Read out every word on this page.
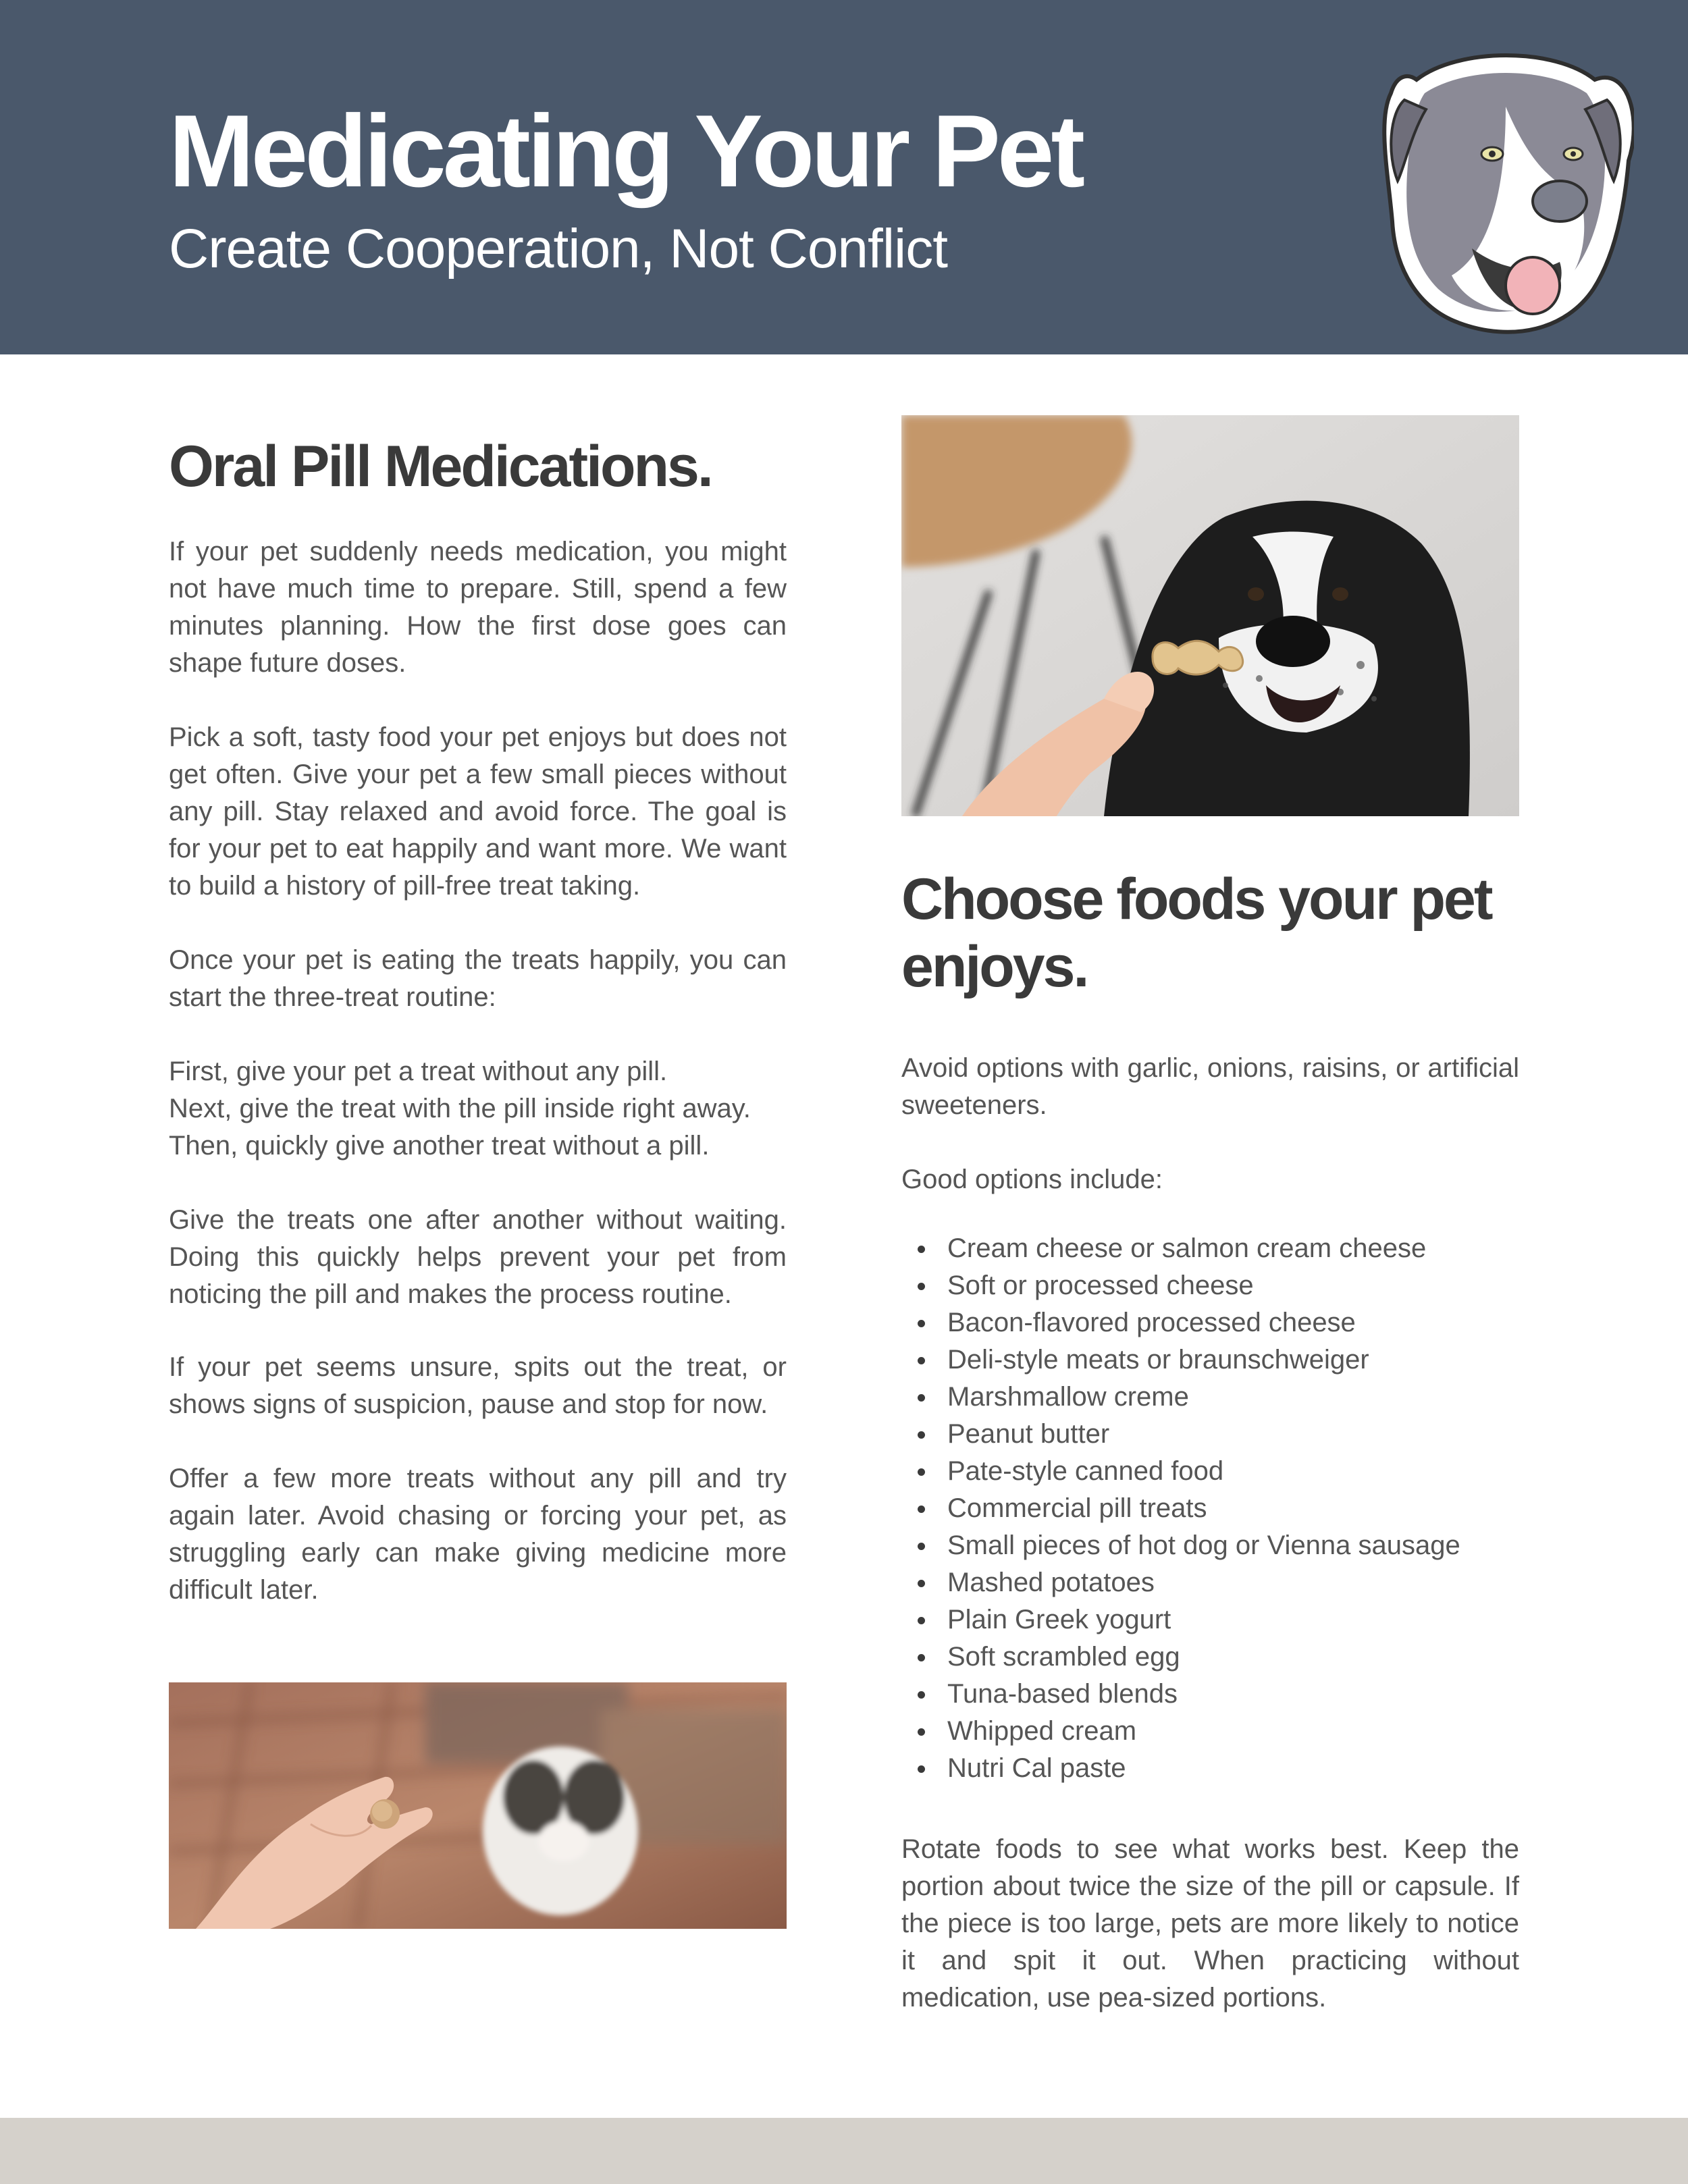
Medicating Your Pet

Create Cooperation, Not Conflict

Oral Pill Medications.

If your pet suddenly needs medication, you might not have much time to prepare. Still, spend a few minutes planning. How the first dose goes can shape future doses.

Pick a soft, tasty food your pet enjoys but does not get often. Give your pet a few small pieces without any pill. Stay relaxed and avoid force. The goal is for your pet to eat happily and want more. We want to build a history of pill-free treat taking.

Once your pet is eating the treats happily, you can start the three-treat routine:

First, give your pet a treat without any pill.

Next, give the treat with the pill inside right away.

Then, quickly give another treat without a pill.

Give the treats one after another without waiting. Doing this quickly helps prevent your pet from noticing the pill and makes the process routine.

If your pet seems unsure, spits out the treat, or shows signs of suspicion, pause and stop for now.

Offer a few more treats without any pill and try again later. Avoid chasing or forcing your pet, as struggling early can make giving medicine more difficult later.

Choose foods your pet enjoys.

Avoid options with garlic, onions, raisins, or artificial sweeteners.

Good options include:

Cream cheese or salmon cream cheese
Soft or processed cheese
Bacon-flavored processed cheese
Deli-style meats or braunschweiger
Marshmallow creme
Peanut butter
Pate-style canned food
Commercial pill treats
Small pieces of hot dog or Vienna sausage
Mashed potatoes
Plain Greek yogurt
Soft scrambled egg
Tuna-based blends
Whipped cream
Nutri Cal paste

Rotate foods to see what works best. Keep the portion about twice the size of the pill or capsule. If the piece is too large, pets are more likely to notice it and spit it out. When practicing without medication, use pea-sized portions.
